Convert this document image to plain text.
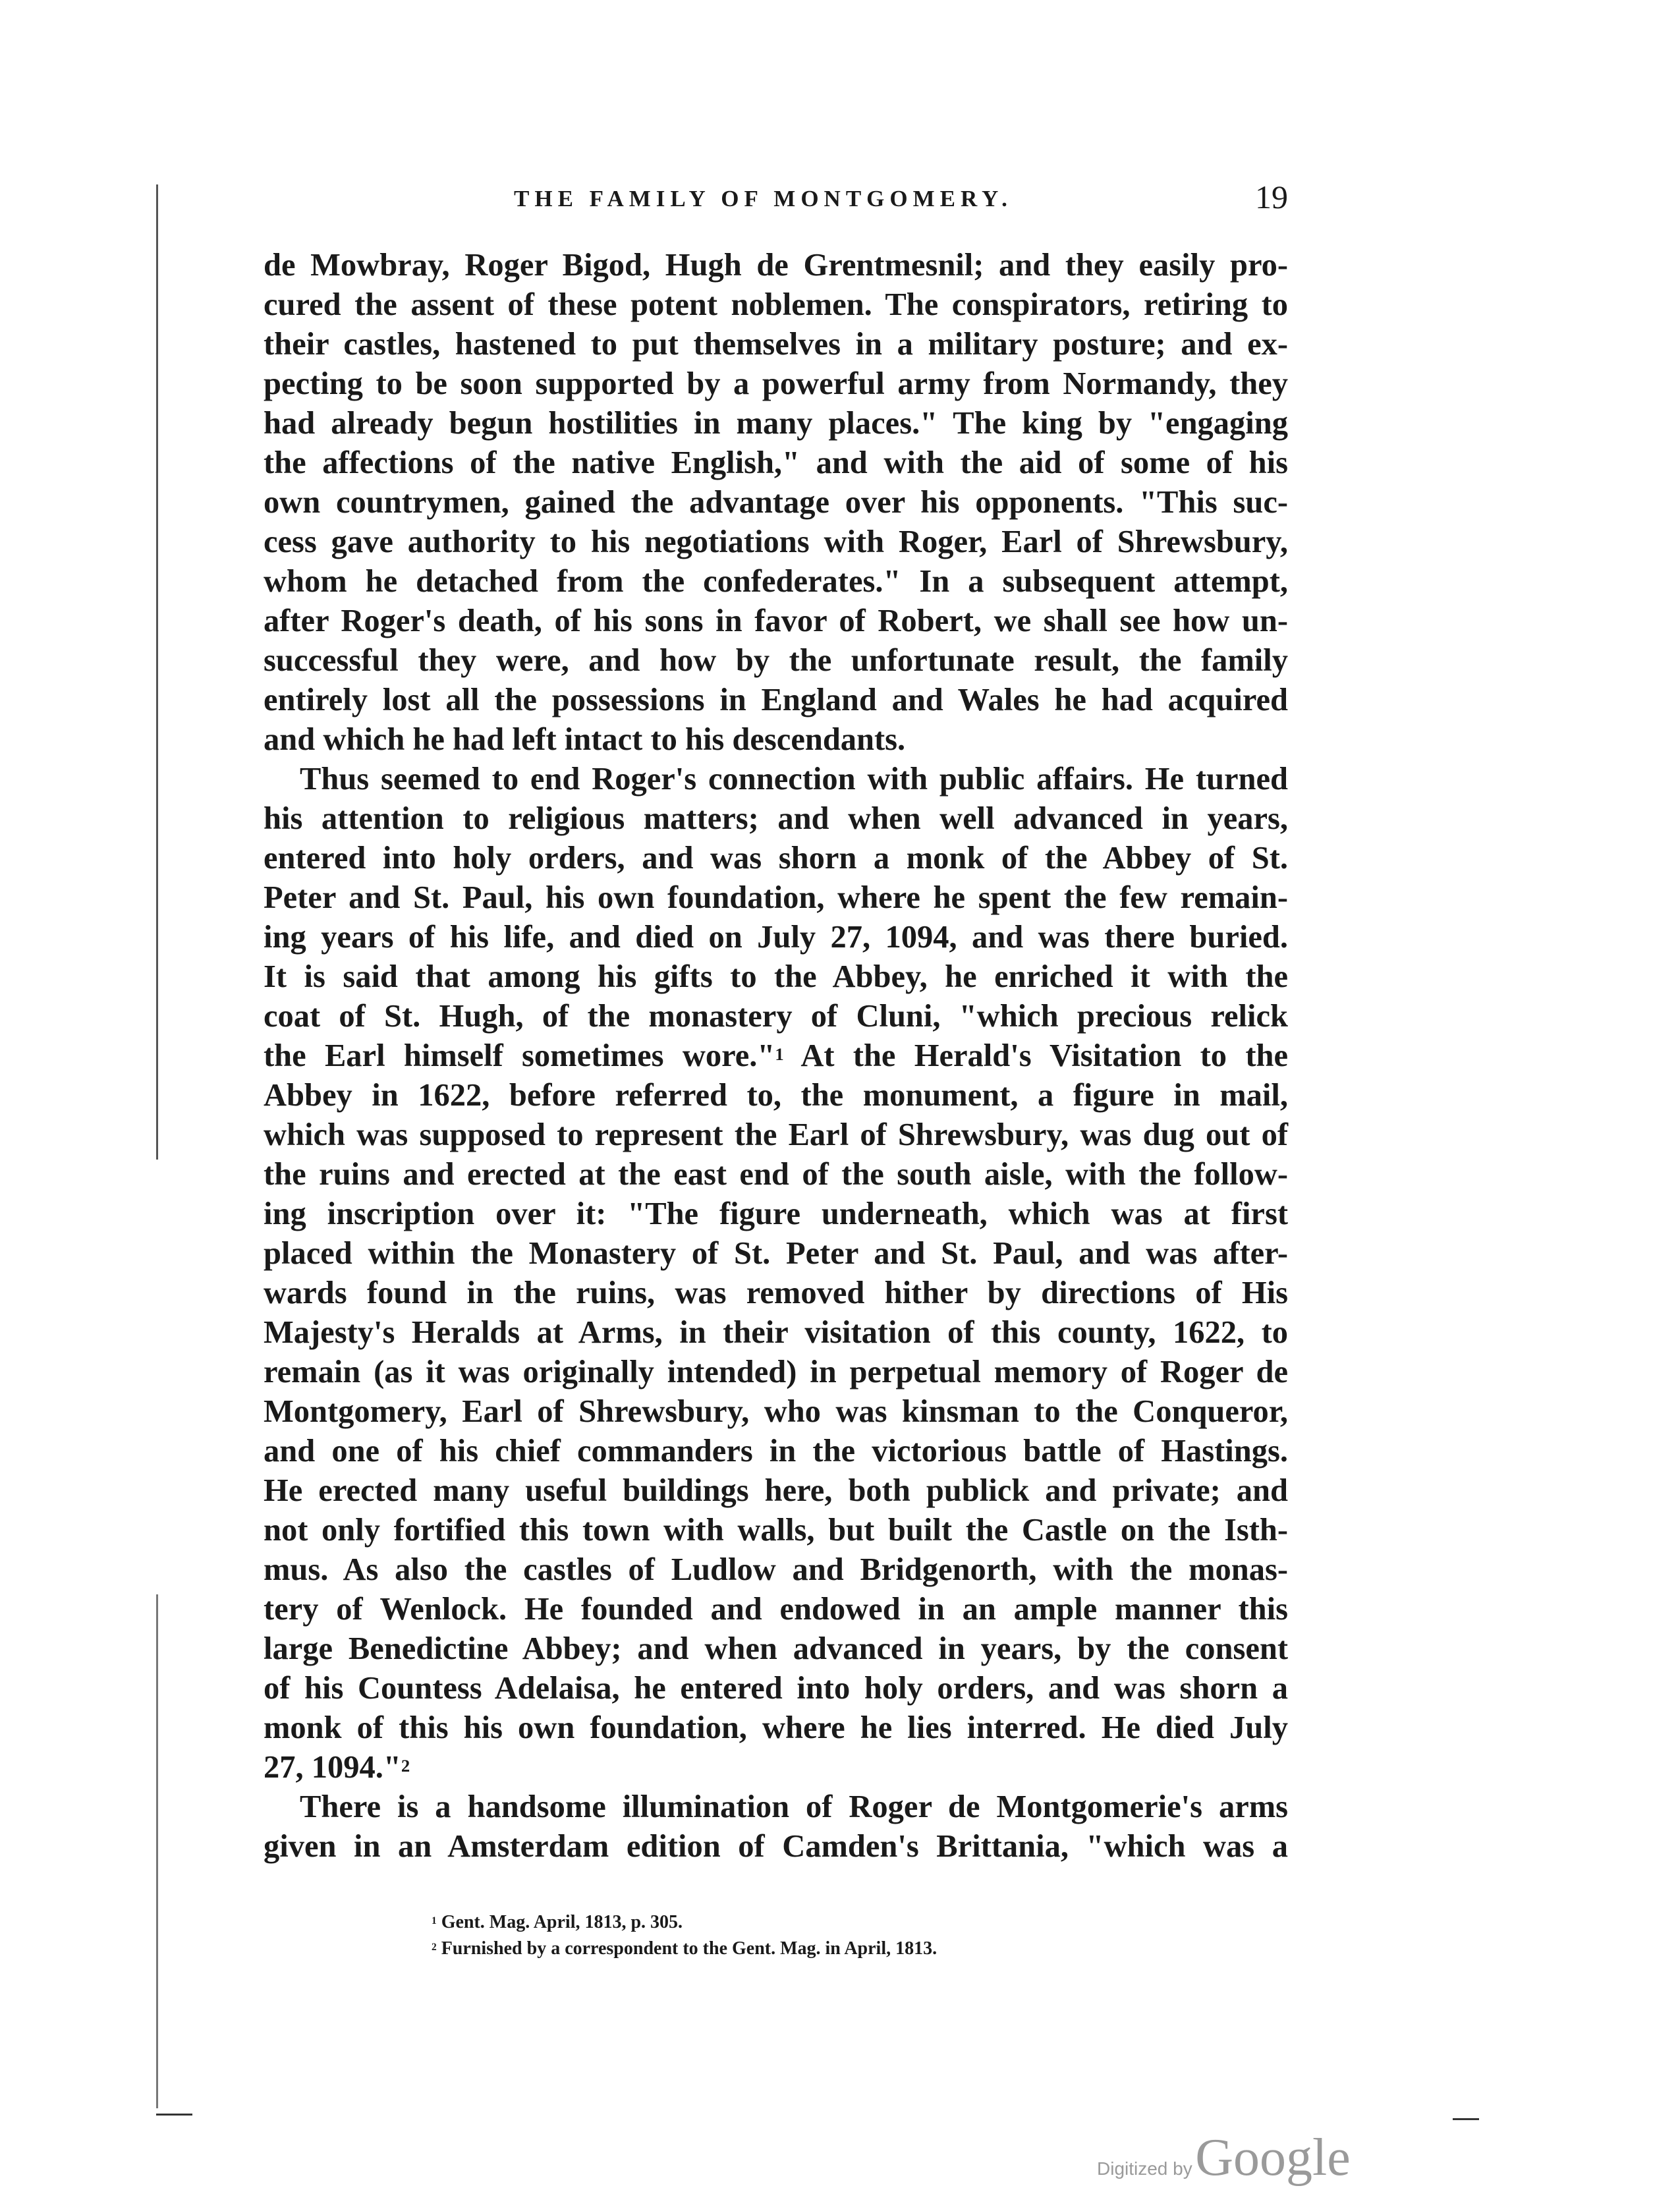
THE FAMILY OF MONTGOMERY.	19
de Mowbray, Roger Bigod, Hugh de Grentmesnil; and they easily pro-
cured the assent of these potent noblemen. The conspirators, retiring to
their castles, hastened to put themselves in a military posture; and ex-
pecting to be soon supported by a powerful army from Normandy, they
had already begun hostilities in many places." The king by "engaging
the affections of the native English," and with the aid of some of his
own countrymen, gained the advantage over his opponents. "This suc-
cess gave authority to his negotiations with Roger, Earl of Shrewsbury,
whom he detached from the confederates." In a subsequent attempt,
after Roger's death, of his sons in favor of Robert, we shall see how un-
successful they were, and how by the unfortunate result, the family
entirely lost all the possessions in England and Wales he had acquired
and which he had left intact to his descendants.
Thus seemed to end Roger's connection with public affairs. He turned
his attention to religious matters; and when well advanced in years,
entered into holy orders, and was shorn a monk of the Abbey of St.
Peter and St. Paul, his own foundation, where he spent the few remain-
ing years of his life, and died on July 27, 1094, and was there buried.
It is said that among his gifts to the Abbey, he enriched it with the
coat of St. Hugh, of the monastery of Cluni, "which precious relick
the Earl himself sometimes wore."$^1$ At the Herald's Visitation to the
Abbey in 1622, before referred to, the monument, a figure in mail,
which was supposed to represent the Earl of Shrewsbury, was dug out of
the ruins and erected at the east end of the south aisle, with the follow-
ing inscription over it: "The figure underneath, which was at first
placed within the Monastery of St. Peter and St. Paul, and was after-
wards found in the ruins, was removed hither by directions of His
Majesty's Heralds at Arms, in their visitation of this county, 1622, to
remain (as it was originally intended) in perpetual memory of Roger de
Montgomery, Earl of Shrewsbury, who was kinsman to the Conqueror,
and one of his chief commanders in the victorious battle of Hastings.
He erected many useful buildings here, both publick and private; and
not only fortified this town with walls, but built the Castle on the Isth-
mus. As also the castles of Ludlow and Bridgenorth, with the monas-
tery of Wenlock. He founded and endowed in an ample manner this
large Benedictine Abbey; and when advanced in years, by the consent
of his Countess Adelaisa, he entered into holy orders, and was shorn a
monk of this his own foundation, where he lies interred. He died July
27, 1094."$^2$
There is a handsome illumination of Roger de Montgomerie's arms
given in an Amsterdam edition of Camden's Brittania, "which was a
$^1$ Gent. Mag. April, 1813, p. 305.
$^2$ Furnished by a correspondent to the Gent. Mag. in April, 1813.
Digitized by Google
